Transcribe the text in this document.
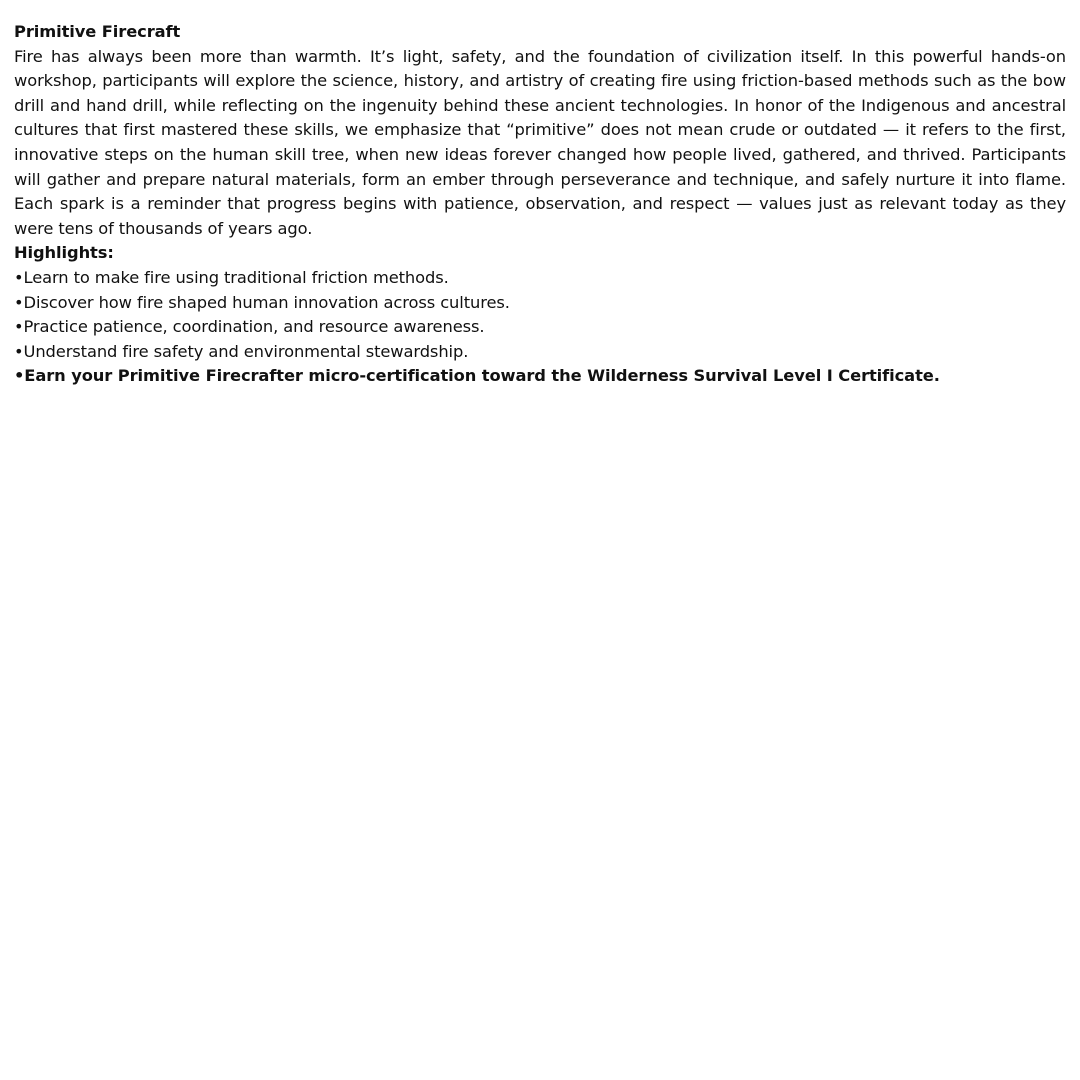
Primitive Firecraft

Fire has always been more than warmth. It’s light, safety, and the foundation of civilization itself. In this powerful hands-on workshop, participants will explore the science, history, and artistry of creating fire using friction-based methods such as the bow drill and hand drill, while reflecting on the ingenuity behind these ancient technologies. In honor of the Indigenous and ancestral cultures that first mastered these skills, we emphasize that “primitive” does not mean crude or outdated — it refers to the first, innovative steps on the human skill tree, when new ideas forever changed how people lived, gathered, and thrived. Participants will gather and prepare natural materials, form an ember through perseverance and technique, and safely nurture it into flame. Each spark is a reminder that progress begins with patience, observation, and respect — values just as relevant today as they were tens of thousands of years ago.

Highlights:

•Learn to make fire using traditional friction methods.
•Discover how fire shaped human innovation across cultures.
•Practice patience, coordination, and resource awareness.
•Understand fire safety and environmental stewardship.
•Earn your Primitive Firecrafter micro-certification toward the Wilderness Survival Level I Certificate.
